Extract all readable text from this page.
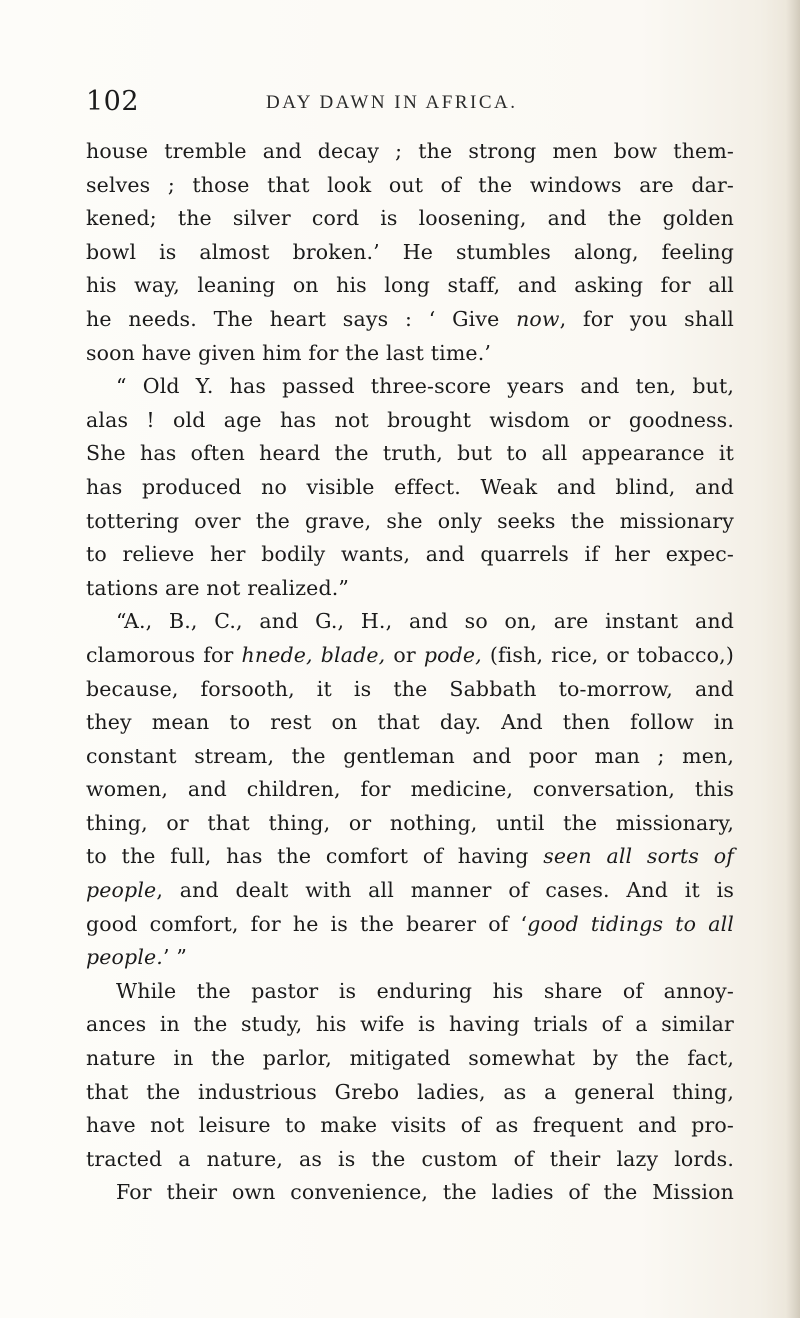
102	DAY DAWN IN AFRICA.
house tremble and decay ; the strong men bow them-
selves ; those that look out of the windows are dar-
kened; the silver cord is loosening, and the golden
bowl is almost broken.’ He stumbles along, feeling
his way, leaning on his long staff, and asking for all
he needs. The heart says : ‘ Give now, for you shall
soon have given him for the last time.’
“ Old Y. has passed three-score years and ten, but,
alas ! old age has not brought wisdom or goodness.
She has often heard the truth, but to all appearance it
has produced no visible effect. Weak and blind, and
tottering over the grave, she only seeks the missionary
to relieve her bodily wants, and quarrels if her expec-
tations are not realized.”
“A., B., C., and G., H., and so on, are instant and
clamorous for hnede, blade, or pode, (fish, rice, or tobacco,)
because, forsooth, it is the Sabbath to-morrow, and
they mean to rest on that day. And then follow in
constant stream, the gentleman and poor man ; men,
women, and children, for medicine, conversation, this
thing, or that thing, or nothing, until the missionary,
to the full, has the comfort of having seen all sorts of
people, and dealt with all manner of cases. And it is
good comfort, for he is the bearer of ‘good tidings to all
people.’ ”
While the pastor is enduring his share of annoy-
ances in the study, his wife is having trials of a similar
nature in the parlor, mitigated somewhat by the fact,
that the industrious Grebo ladies, as a general thing,
have not leisure to make visits of as frequent and pro-
tracted a nature, as is the custom of their lazy lords.
For their own convenience, the ladies of the Mission
